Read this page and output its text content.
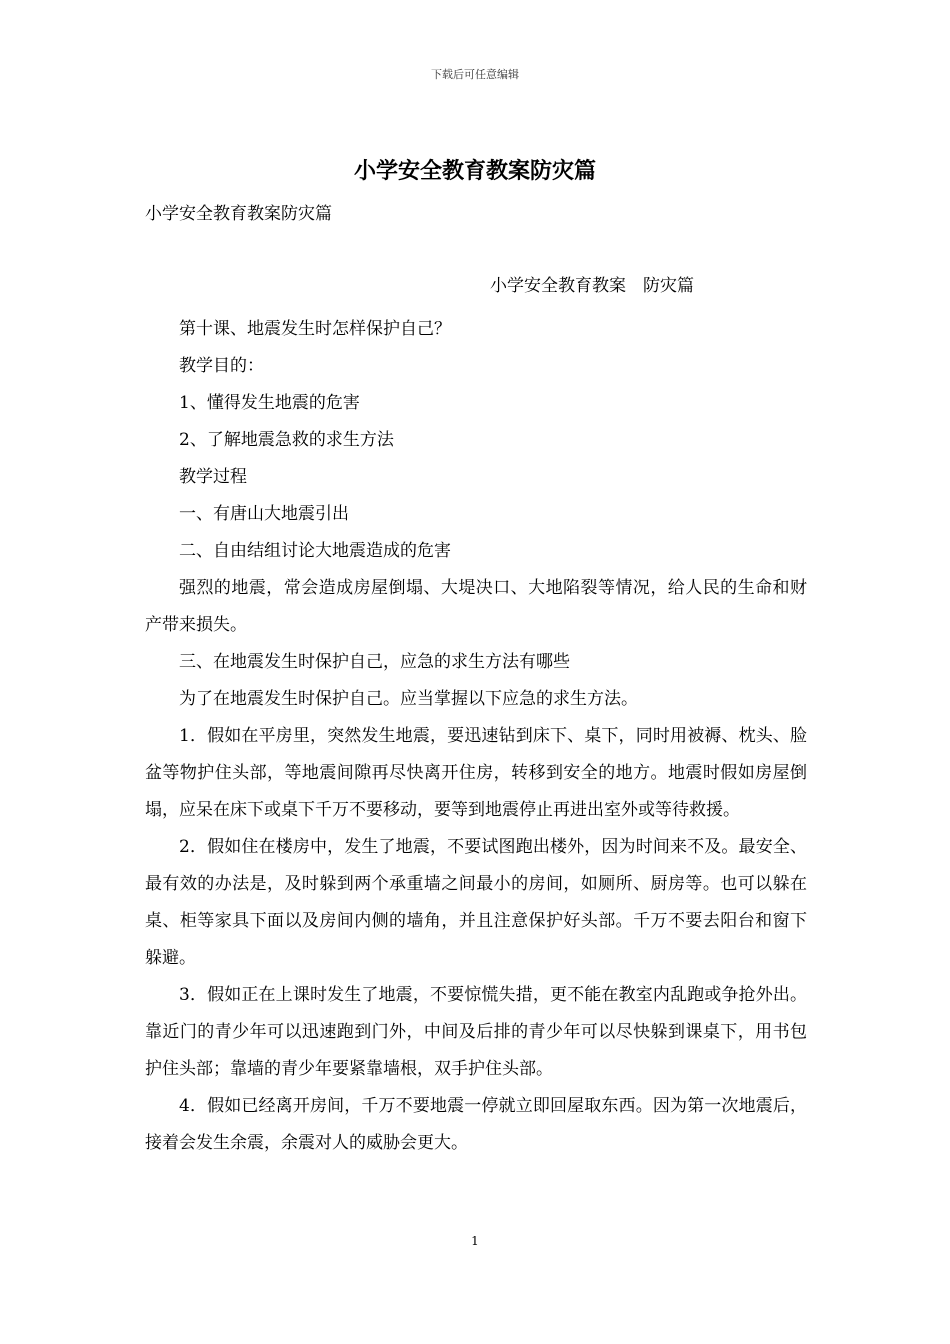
下载后可任意编辑
小学安全教育教案防灾篇
小学安全教育教案防灾篇
小学安全教育教案　防灾篇

第十课、地震发生时怎样保护自己？

教学目的：

1、懂得发生地震的危害

2、了解地震急救的求生方法

教学过程

一、有唐山大地震引出

二、自由结组讨论大地震造成的危害

强烈的地震，常会造成房屋倒塌、大堤决口、大地陷裂等情况，给人民的生命和财产带来损失。

三、在地震发生时保护自己，应急的求生方法有哪些

为了在地震发生时保护自己。应当掌握以下应急的求生方法。

1．假如在平房里，突然发生地震，要迅速钻到床下、桌下，同时用被褥、枕头、脸盆等物护住头部，等地震间隙再尽快离开住房，转移到安全的地方。地震时假如房屋倒塌，应呆在床下或桌下千万不要移动，要等到地震停止再进出室外或等待救援。

2．假如住在楼房中，发生了地震，不要试图跑出楼外，因为时间来不及。最安全、最有效的办法是，及时躲到两个承重墙之间最小的房间，如厕所、厨房等。也可以躲在桌、柜等家具下面以及房间内侧的墙角，并且注意保护好头部。千万不要去阳台和窗下躲避。

3．假如正在上课时发生了地震，不要惊慌失措，更不能在教室内乱跑或争抢外出。靠近门的青少年可以迅速跑到门外，中间及后排的青少年可以尽快躲到课桌下，用书包护住头部；靠墙的青少年要紧靠墙根，双手护住头部。

4．假如已经离开房间，千万不要地震一停就立即回屋取东西。因为第一次地震后，接着会发生余震，余震对人的威胁会更大。

1
